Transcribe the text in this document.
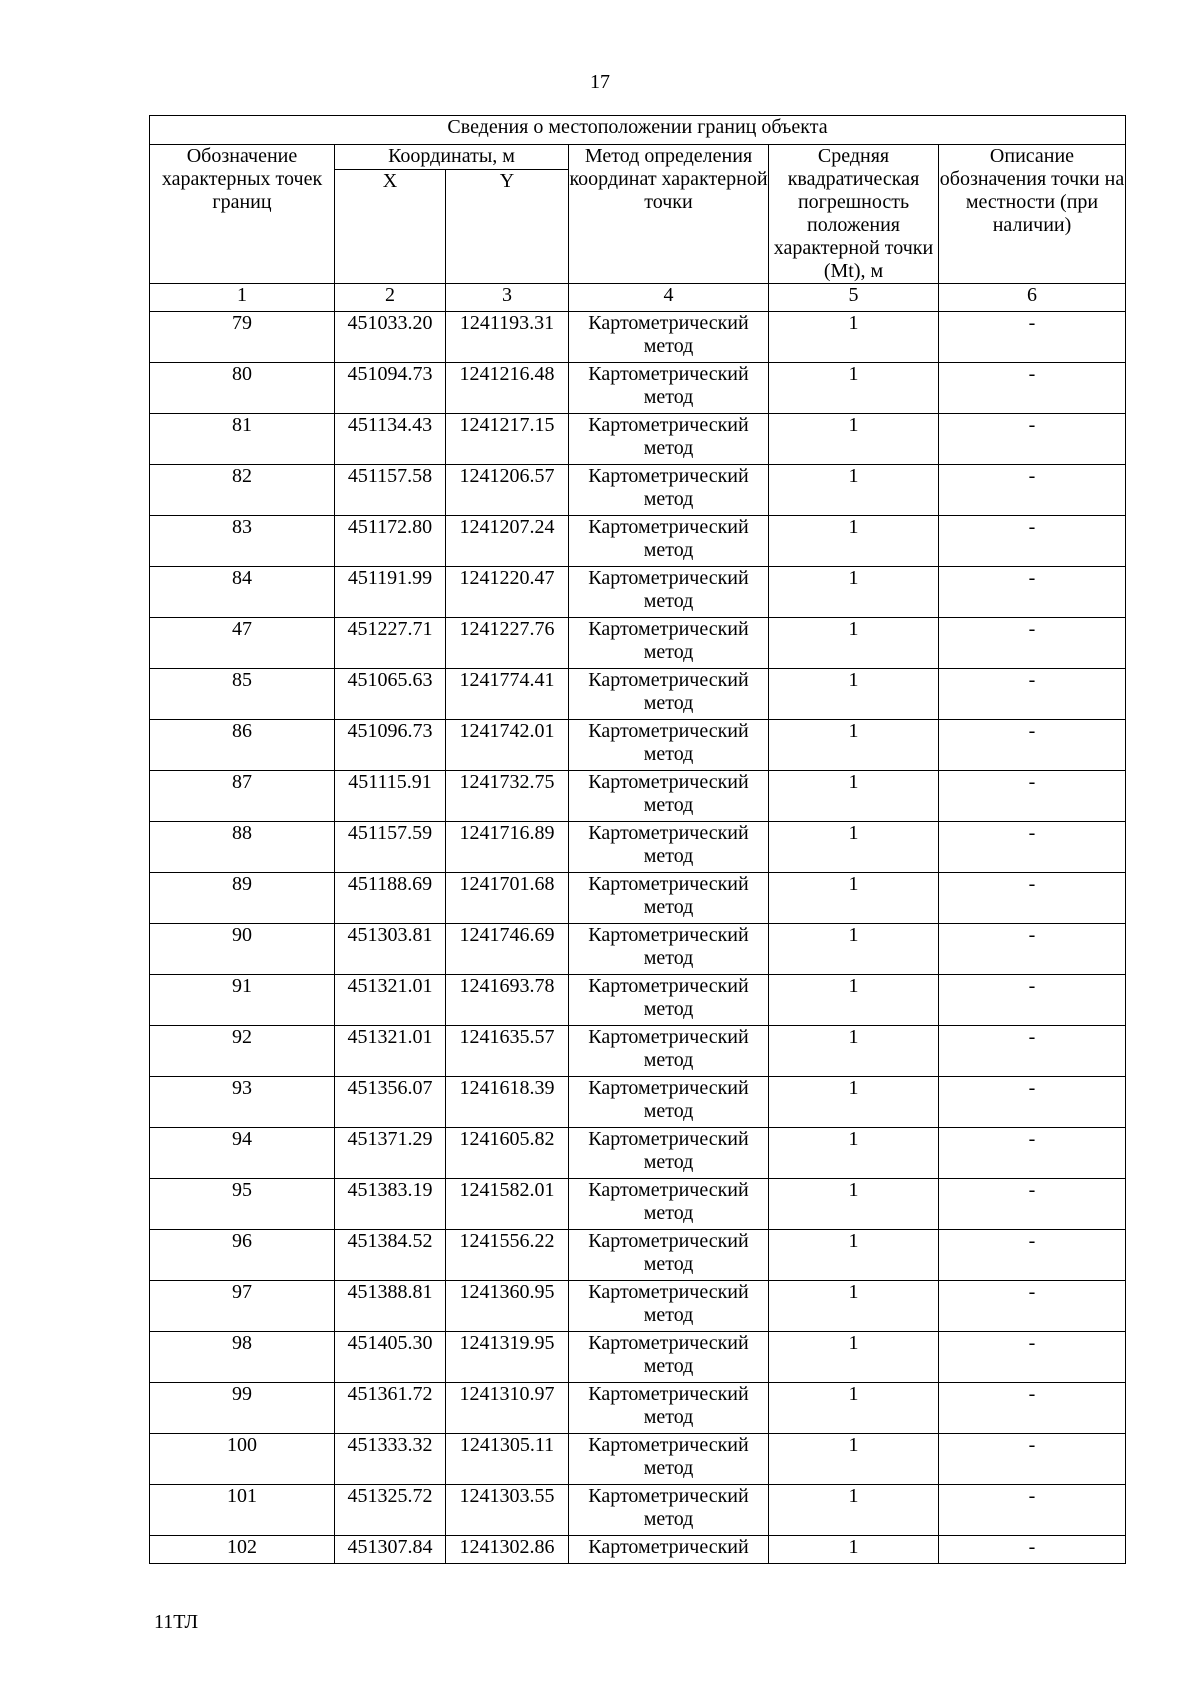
17
Сведения о местоположении границ объекта					
Обозначение характерных точек границ	Координаты, м		Метод определения координат характерной точки	Средняя квадратическая погрешность положения характерной точки (Mt), м	Описание обозначения точки на местности (при наличии)
	X	Y			
1	2	3	4	5	6
79	451033.20	1241193.31	Картометрический метод	1	-
80	451094.73	1241216.48	Картометрический метод	1	-
81	451134.43	1241217.15	Картометрический метод	1	-
82	451157.58	1241206.57	Картометрический метод	1	-
83	451172.80	1241207.24	Картометрический метод	1	-
84	451191.99	1241220.47	Картометрический метод	1	-
47	451227.71	1241227.76	Картометрический метод	1	-
85	451065.63	1241774.41	Картометрический метод	1	-
86	451096.73	1241742.01	Картометрический метод	1	-
87	451115.91	1241732.75	Картометрический метод	1	-
88	451157.59	1241716.89	Картометрический метод	1	-
89	451188.69	1241701.68	Картометрический метод	1	-
90	451303.81	1241746.69	Картометрический метод	1	-
91	451321.01	1241693.78	Картометрический метод	1	-
92	451321.01	1241635.57	Картометрический метод	1	-
93	451356.07	1241618.39	Картометрический метод	1	-
94	451371.29	1241605.82	Картометрический метод	1	-
95	451383.19	1241582.01	Картометрический метод	1	-
96	451384.52	1241556.22	Картометрический метод	1	-
97	451388.81	1241360.95	Картометрический метод	1	-
98	451405.30	1241319.95	Картометрический метод	1	-
99	451361.72	1241310.97	Картометрический метод	1	-
100	451333.32	1241305.11	Картометрический метод	1	-
101	451325.72	1241303.55	Картометрический метод	1	-
102	451307.84	1241302.86	Картометрический	1	-
11ТЛ
